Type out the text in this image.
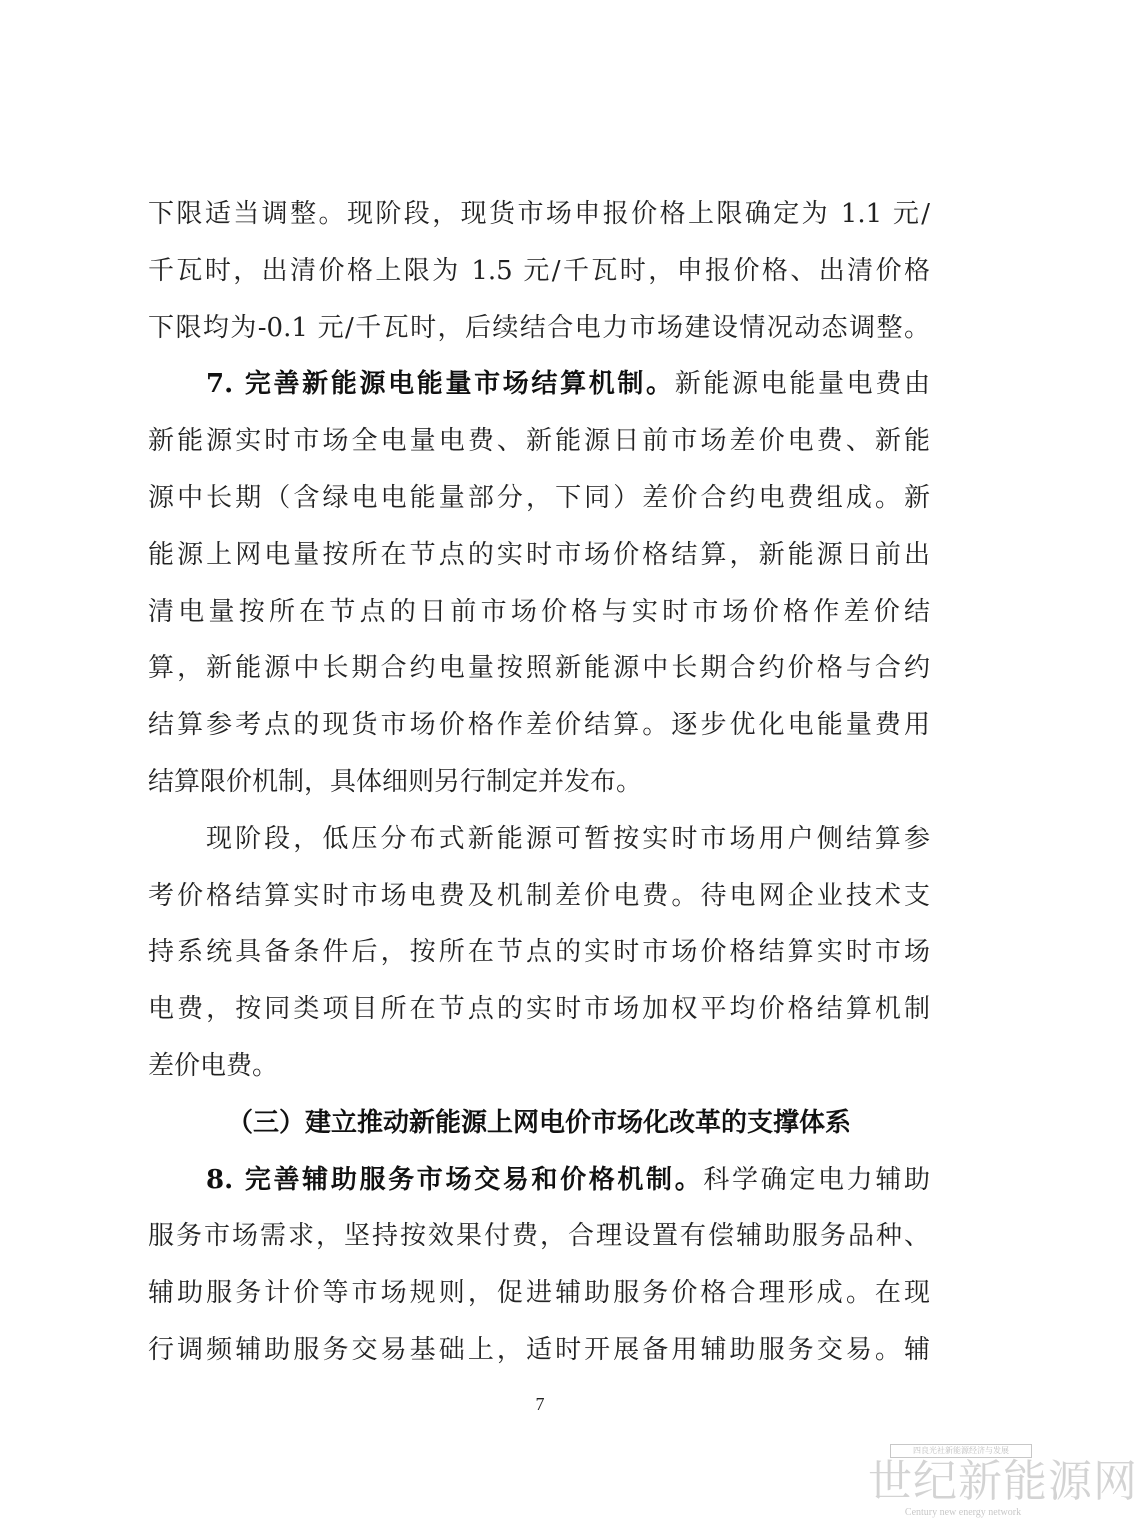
下限适当调整。现阶段，现货市场申报价格上限确定为 1.1 元/
千瓦时，出清价格上限为 1.5 元/千瓦时，申报价格、出清价格
下限均为-0.1 元/千瓦时，后续结合电力市场建设情况动态调整。
7. 完善新能源电能量市场结算机制。新能源电能量电费由
新能源实时市场全电量电费、新能源日前市场差价电费、新能
源中长期（含绿电电能量部分，下同）差价合约电费组成。新
能源上网电量按所在节点的实时市场价格结算，新能源日前出
清电量按所在节点的日前市场价格与实时市场价格作差价结
算，新能源中长期合约电量按照新能源中长期合约价格与合约
结算参考点的现货市场价格作差价结算。逐步优化电能量费用
结算限价机制，具体细则另行制定并发布。
现阶段，低压分布式新能源可暂按实时市场用户侧结算参
考价格结算实时市场电费及机制差价电费。待电网企业技术支
持系统具备条件后，按所在节点的实时市场价格结算实时市场
电费，按同类项目所在节点的实时市场加权平均价格结算机制
差价电费。
（三）建立推动新能源上网电价市场化改革的支撑体系
8. 完善辅助服务市场交易和价格机制。科学确定电力辅助
服务市场需求，坚持按效果付费，合理设置有偿辅助服务品种、
辅助服务计价等市场规则，促进辅助服务价格合理形成。在现
行调频辅助服务交易基础上，适时开展备用辅助服务交易。辅
7
四良光社新能源经济与发展
世纪新能源网
Century new energy network
